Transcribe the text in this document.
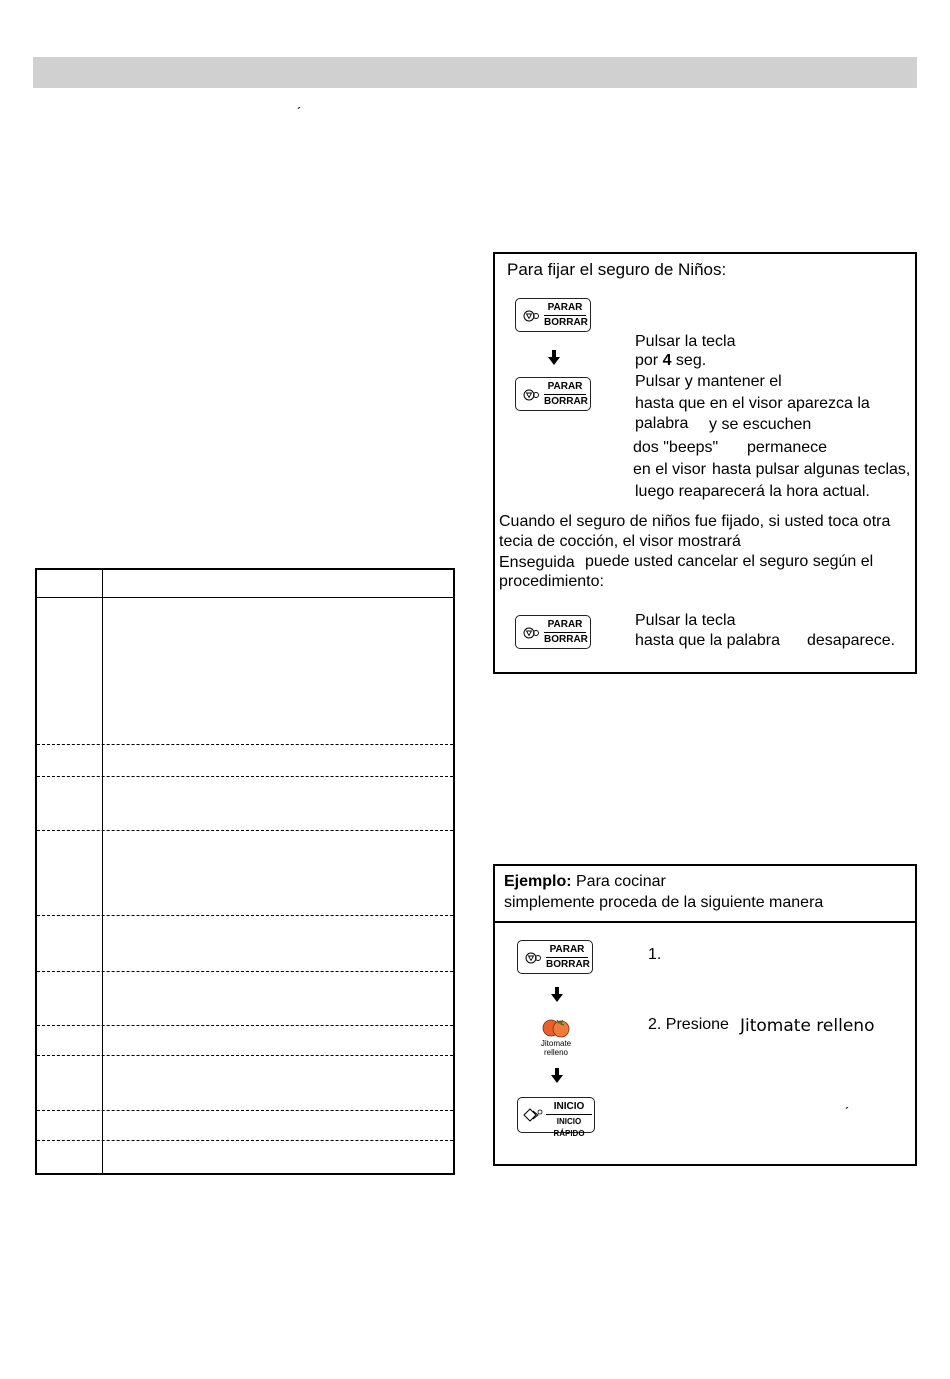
´
Para fijar el seguro de Niños:
PARAR
BORRAR
PARAR
BORRAR
Pulsar la tecla
por 4 seg.
Pulsar y mantener el
hasta que en el visor aparezca la
palabra y se escuchen
dos "beeps" permanece
en el visor hasta pulsar algunas teclas,
luego reaparecerá la hora actual.
Cuando el seguro de niños fue fijado, si usted toca otra
tecia de cocción, el visor mostrará
Enseguida puede usted cancelar el seguro según el
procedimiento:
PARAR
BORRAR
Pulsar la tecla
hasta que la palabra desaparece.
Ejemplo: Para cocinar
simplemente proceda de la siguiente manera
PARAR
BORRAR
Jitomate
relleno
INICIO
INICIO RÁPIDO
1.
2. Presione Jitomate relleno
´
